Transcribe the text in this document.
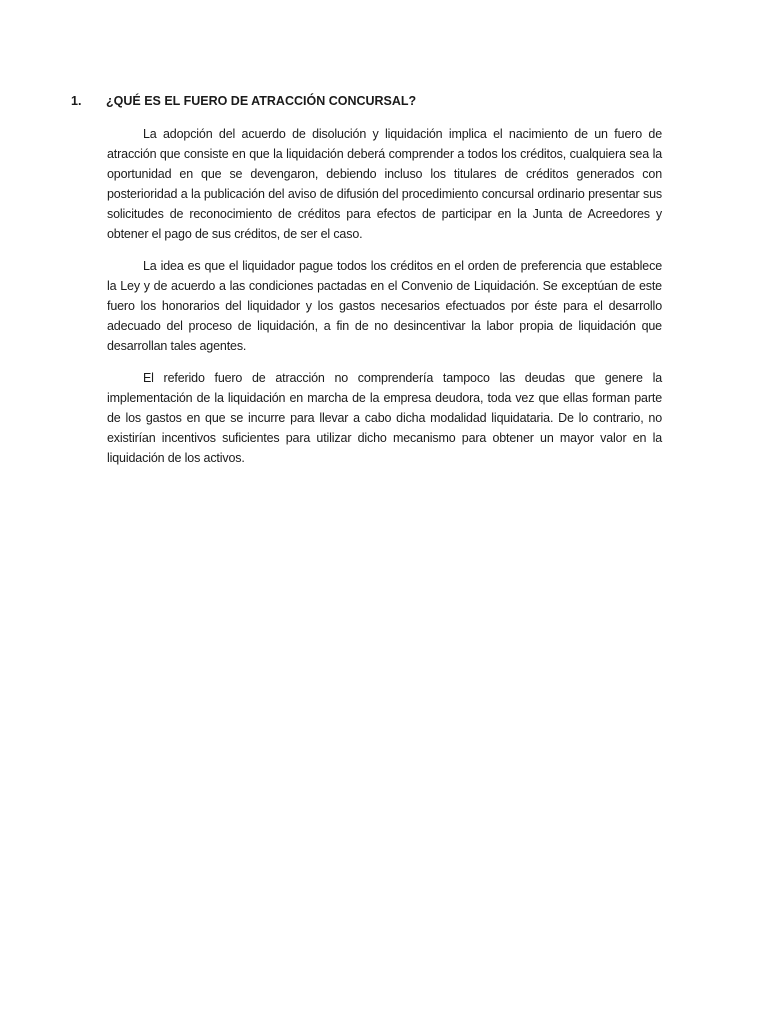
1. ¿QUÉ ES EL FUERO DE ATRACCIÓN CONCURSAL?

La adopción del acuerdo de disolución y liquidación implica el nacimiento de un fuero de atracción que consiste en que la liquidación deberá comprender a todos los créditos, cualquiera sea la oportunidad en que se devengaron, debiendo incluso los titulares de créditos generados con posterioridad a la publicación del aviso de difusión del procedimiento concursal ordinario presentar sus solicitudes de reconocimiento de créditos para efectos de participar en la Junta de Acreedores y obtener el pago de sus créditos, de ser el caso.

La idea es que el liquidador pague todos los créditos en el orden de preferencia que establece la Ley y de acuerdo a las condiciones pactadas en el Convenio de Liquidación. Se exceptúan de este fuero los honorarios del liquidador y los gastos necesarios efectuados por éste para el desarrollo adecuado del proceso de liquidación, a fin de no desincentivar la labor propia de liquidación que desarrollan tales agentes.

El referido fuero de atracción no comprendería tampoco las deudas que genere la implementación de la liquidación en marcha de la empresa deudora, toda vez que ellas forman parte de los gastos en que se incurre para llevar a cabo dicha modalidad liquidataria. De lo contrario, no existirían incentivos suficientes para utilizar dicho mecanismo para obtener un mayor valor en la liquidación de los activos.
